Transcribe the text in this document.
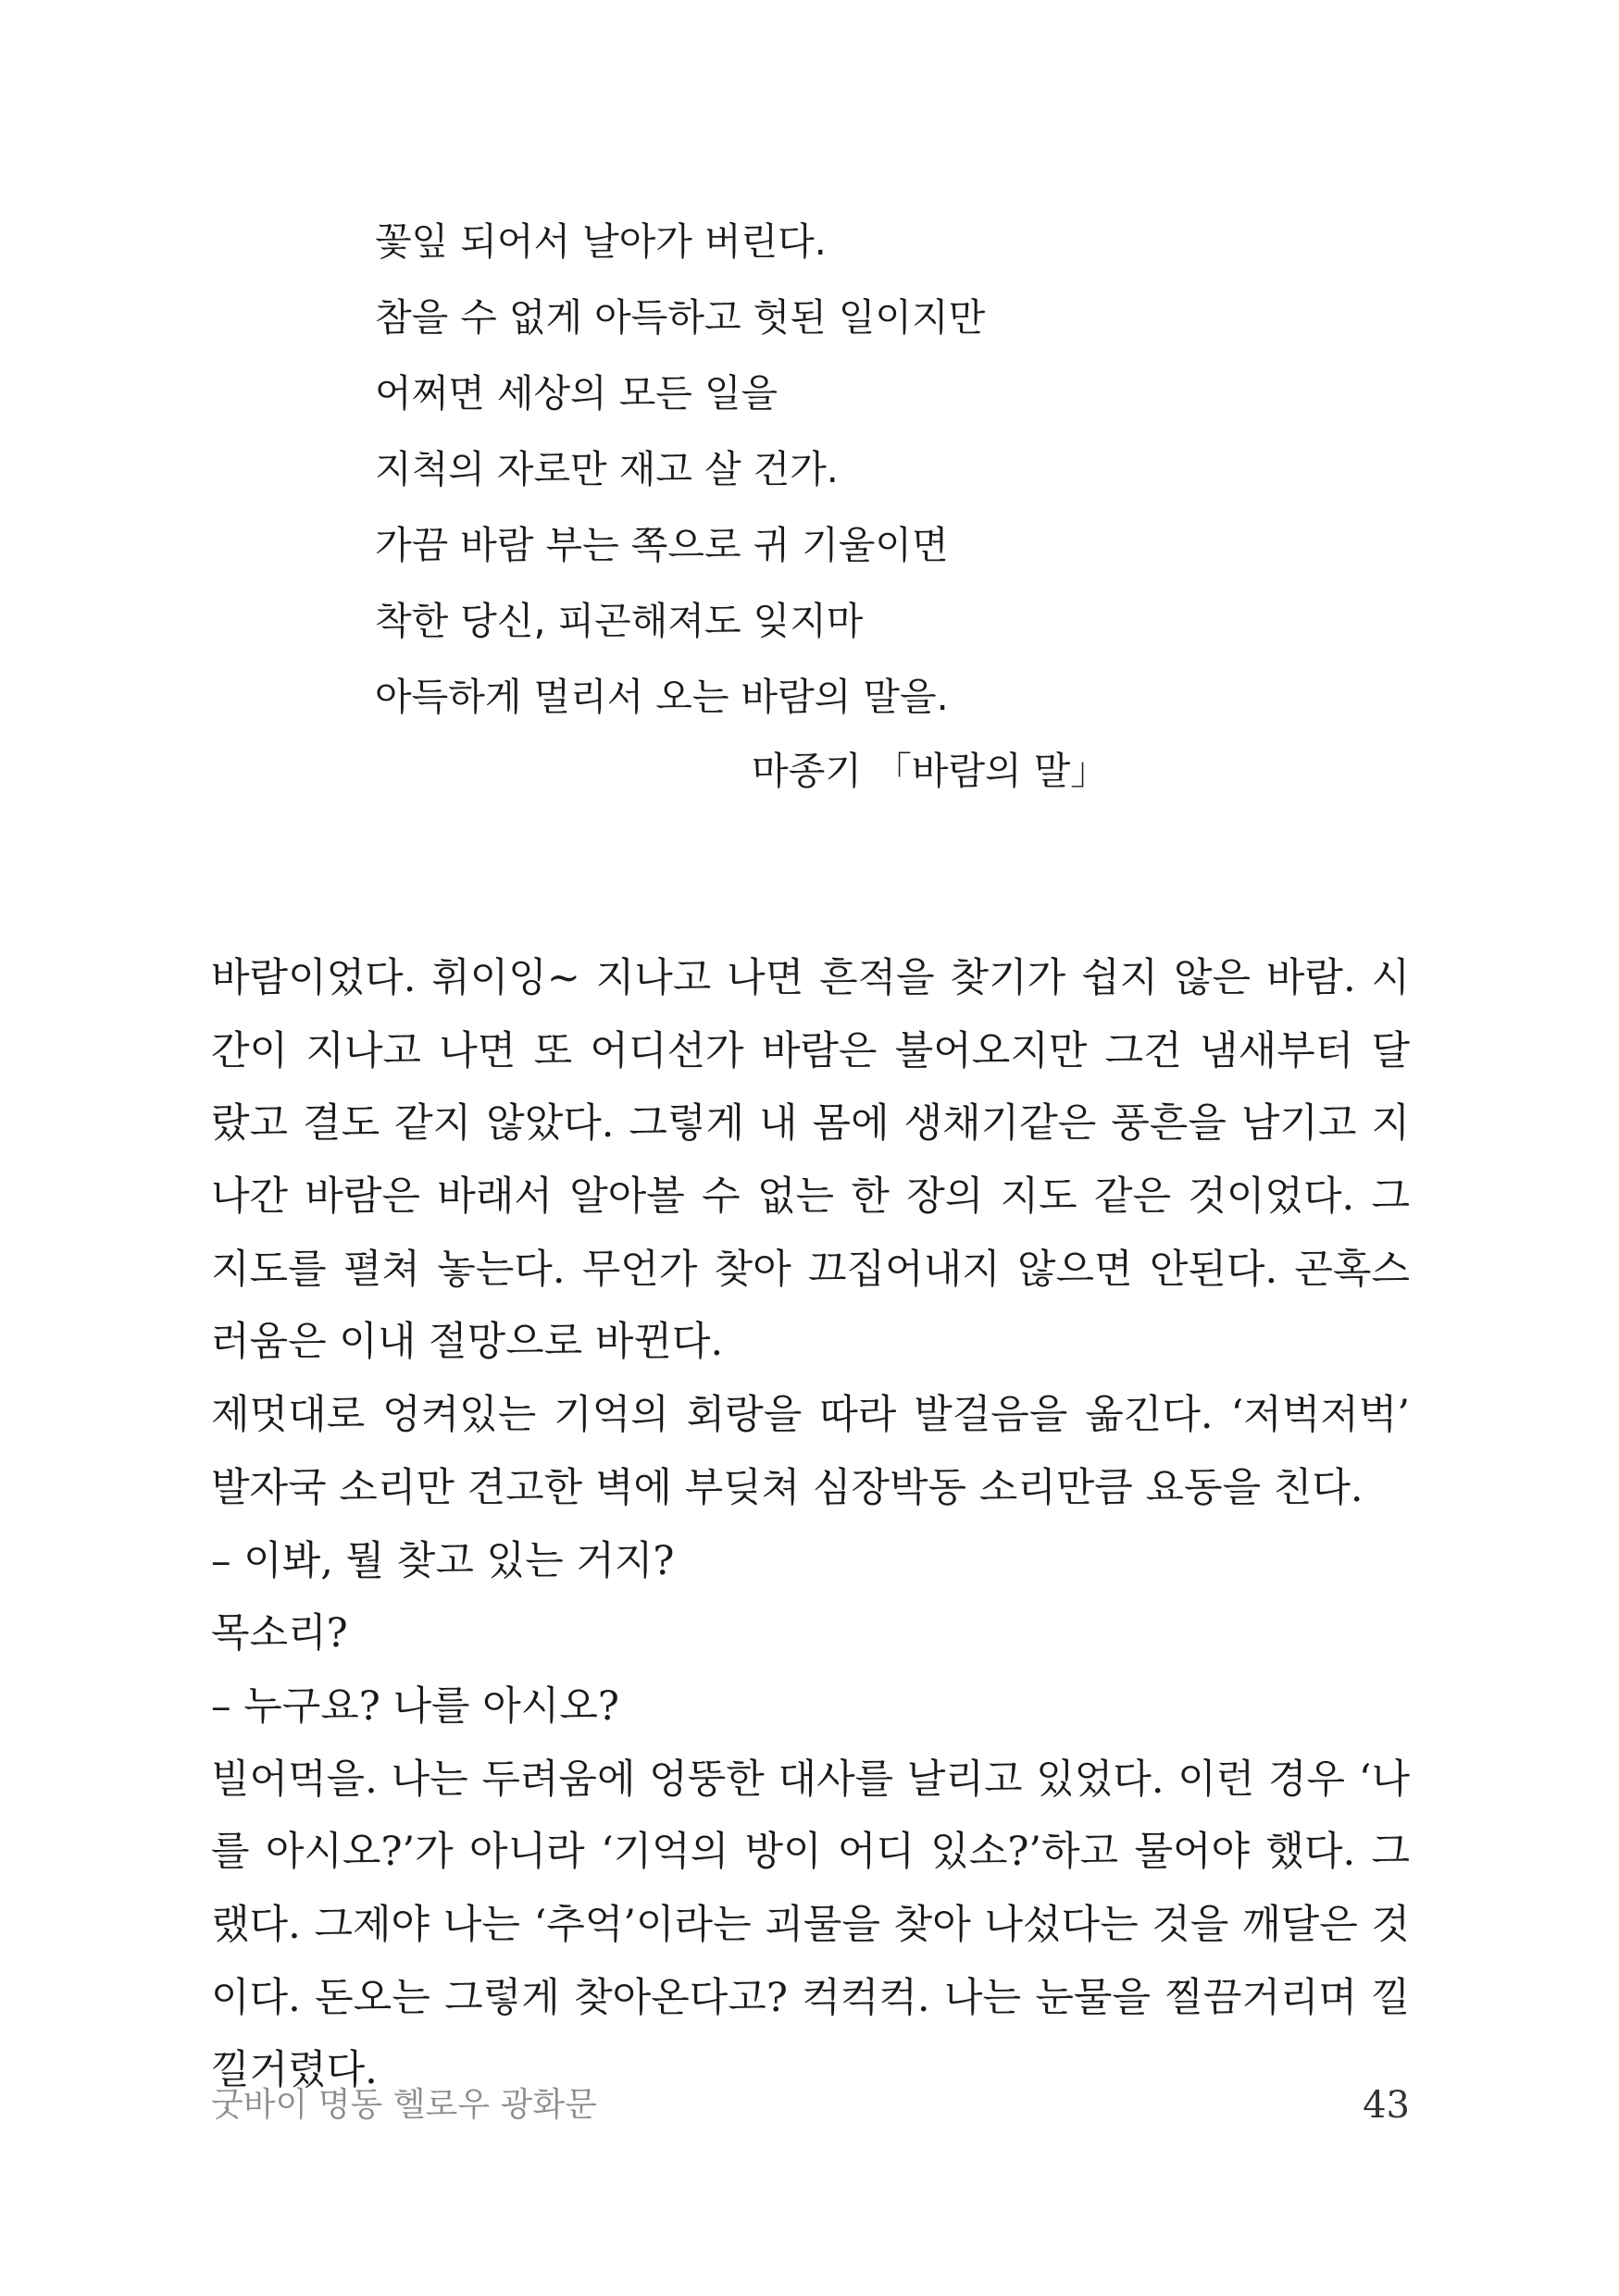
꽃잎 되어서 날아가 버린다.
참을 수 없게 아득하고 헛된 일이지만
어쩌면 세상의 모든 일을
지척의 자로만 재고 살 건가.
가끔 바람 부는 쪽으로 귀 기울이면
착한 당신, 피곤해져도 잊지마
아득하게 멀리서 오는 바람의 말을.
마종기 「바람의 말」
바람이었다. 휘이잉~ 지나고 나면 흔적을 찾기가 쉽지 않은 바람. 시
간이 지나고 나면 또 어디선가 바람은 불어오지만 그건 냄새부터 달
랐고 결도 같지 않았다. 그렇게 내 몸에 생채기같은 풍흔을 남기고 지
나간 바람은 바래서 알아볼 수 없는 한 장의 지도 같은 것이었다. 그
지도를 펼쳐 놓는다. 무언가 찾아 끄집어내지 않으면 안된다. 곤혹스
러움은 이내 절망으로 바뀐다.
제멋대로 엉켜있는 기억의 회랑을 따라 발걸음을 옮긴다. ‘저벅저벅’
발자국 소리만 견고한 벽에 부딪쳐 심장박동 소리만큼 요동을 친다.
– 이봐, 뭘 찾고 있는 거지?
목소리?
– 누구요? 나를 아시오?
빌어먹을. 나는 두려움에 엉뚱한 대사를 날리고 있었다. 이런 경우 ‘나
를 아시오?’가 아니라 ‘기억의 방이 어디 있소?’하고 물어야 했다. 그
랬다. 그제야 나는 ‘추억’이라는 괴물을 찾아 나섰다는 것을 깨달은 것
이다. 돈오는 그렇게 찾아온다고? 컥컥컥. 나는 눈물을 찔끔거리며 낄
낄거렸다.
굿바이 명동 헬로우 광화문	43
